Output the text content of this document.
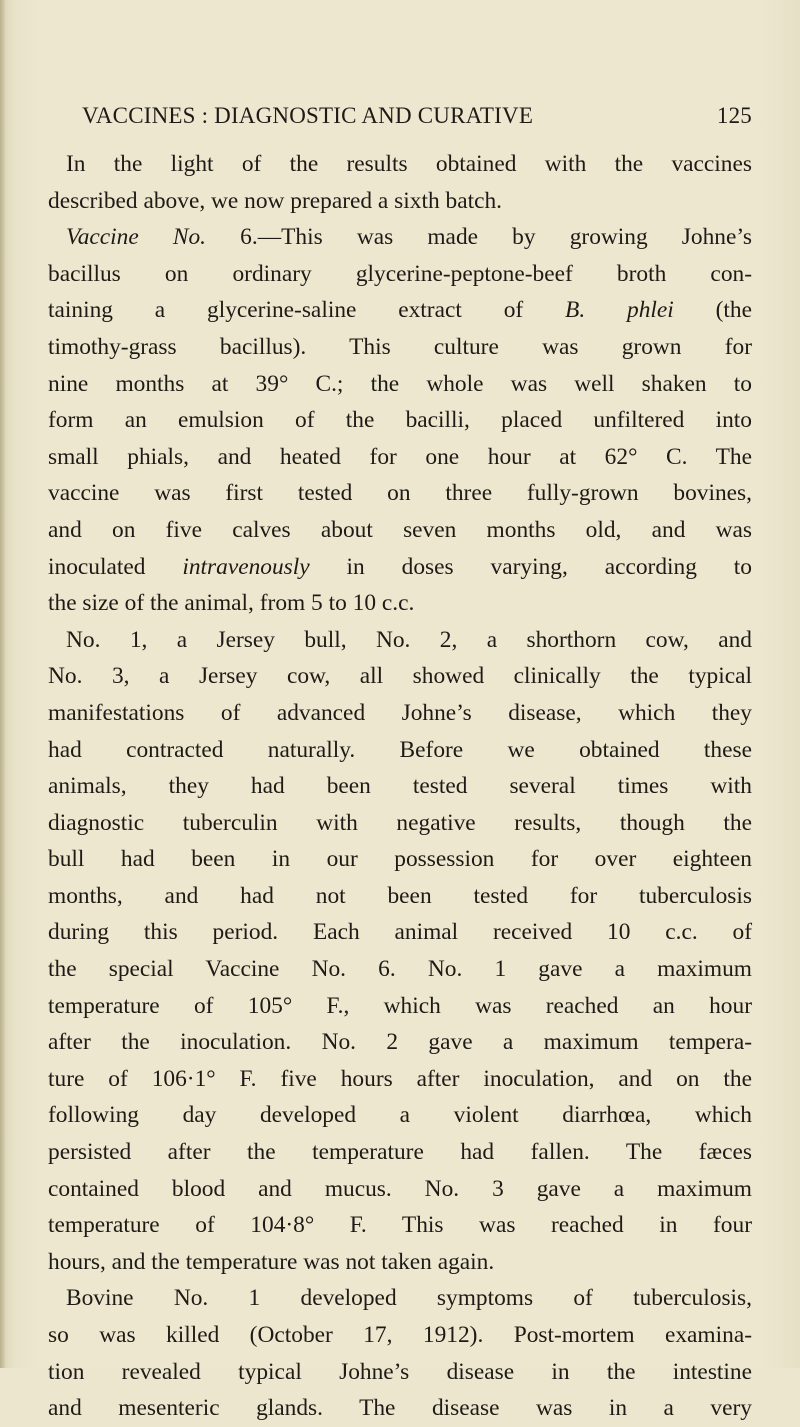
VACCINES : DIAGNOSTIC AND CURATIVE	125
In the light of the results obtained with the vaccines
described above, we now prepared a sixth batch.
Vaccine No. 6.—This was made by growing Johne’s
bacillus on ordinary glycerine-peptone-beef broth con-
taining a glycerine-saline extract of B. phlei (the
timothy-grass bacillus). This culture was grown for
nine months at 39° C.; the whole was well shaken to
form an emulsion of the bacilli, placed unfiltered into
small phials, and heated for one hour at 62° C. The
vaccine was first tested on three fully-grown bovines,
and on five calves about seven months old, and was
inoculated intravenously in doses varying, according to
the size of the animal, from 5 to 10 c.c.
No. 1, a Jersey bull, No. 2, a shorthorn cow, and
No. 3, a Jersey cow, all showed clinically the typical
manifestations of advanced Johne’s disease, which they
had contracted naturally. Before we obtained these
animals, they had been tested several times with
diagnostic tuberculin with negative results, though the
bull had been in our possession for over eighteen
months, and had not been tested for tuberculosis
during this period. Each animal received 10 c.c. of
the special Vaccine No. 6. No. 1 gave a maximum
temperature of 105° F., which was reached an hour
after the inoculation. No. 2 gave a maximum tempera-
ture of 106·1° F. five hours after inoculation, and on the
following day developed a violent diarrhœa, which
persisted after the temperature had fallen. The fæces
contained blood and mucus. No. 3 gave a maximum
temperature of 104·8° F. This was reached in four
hours, and the temperature was not taken again.
Bovine No. 1 developed symptoms of tuberculosis,
so was killed (October 17, 1912). Post-mortem examina-
tion revealed typical Johne’s disease in the intestine
and mesenteric glands. The disease was in a very
